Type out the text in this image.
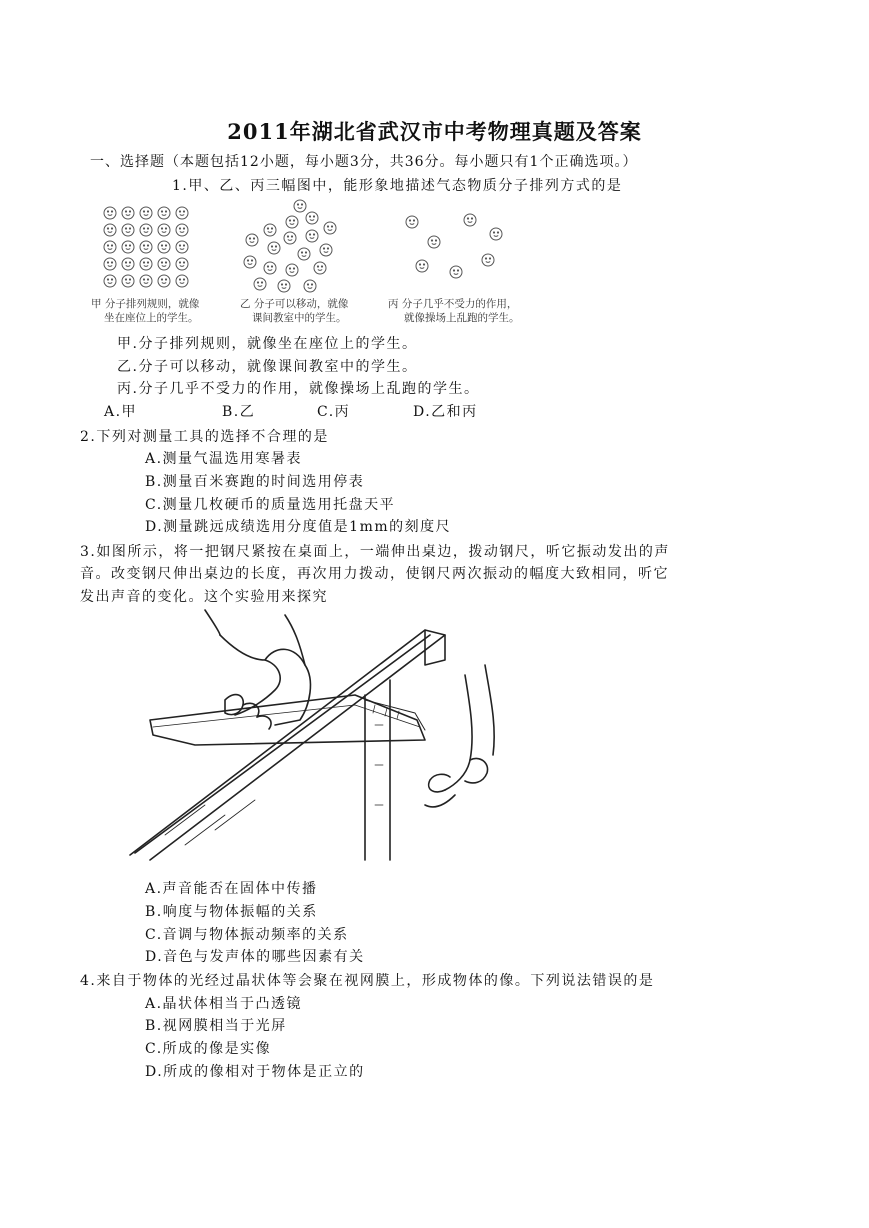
2011年湖北省武汉市中考物理真题及答案
一、选择题（本题包括12小题，每小题3分，共36分。每小题只有1个正确选项。）
1.甲、乙、丙三幅图中，能形象地描述气态物质分子排列方式的是
甲 分子排列规则，就像
坐在座位上的学生。
乙 分子可以移动，就像
课间教室中的学生。
丙 分子几乎不受力的作用，
就像操场上乱跑的学生。
甲.分子排列规则，就像坐在座位上的学生。
乙.分子可以移动，就像课间教室中的学生。
丙.分子几乎不受力的作用，就像操场上乱跑的学生。
A.甲	B.乙	C.丙	D.乙和丙
2.下列对测量工具的选择不合理的是
A.测量气温选用寒暑表
B.测量百米赛跑的时间选用停表
C.测量几枚硬币的质量选用托盘天平
D.测量跳远成绩选用分度值是1mm的刻度尺
3.如图所示，将一把钢尺紧按在桌面上，一端伸出桌边，拨动钢尺，听它振动发出的声
音。改变钢尺伸出桌边的长度，再次用力拨动，使钢尺两次振动的幅度大致相同，听它
发出声音的变化。这个实验用来探究
A.声音能否在固体中传播
B.响度与物体振幅的关系
C.音调与物体振动频率的关系
D.音色与发声体的哪些因素有关
4.来自于物体的光经过晶状体等会聚在视网膜上，形成物体的像。下列说法错误的是
A.晶状体相当于凸透镜
B.视网膜相当于光屏
C.所成的像是实像
D.所成的像相对于物体是正立的
